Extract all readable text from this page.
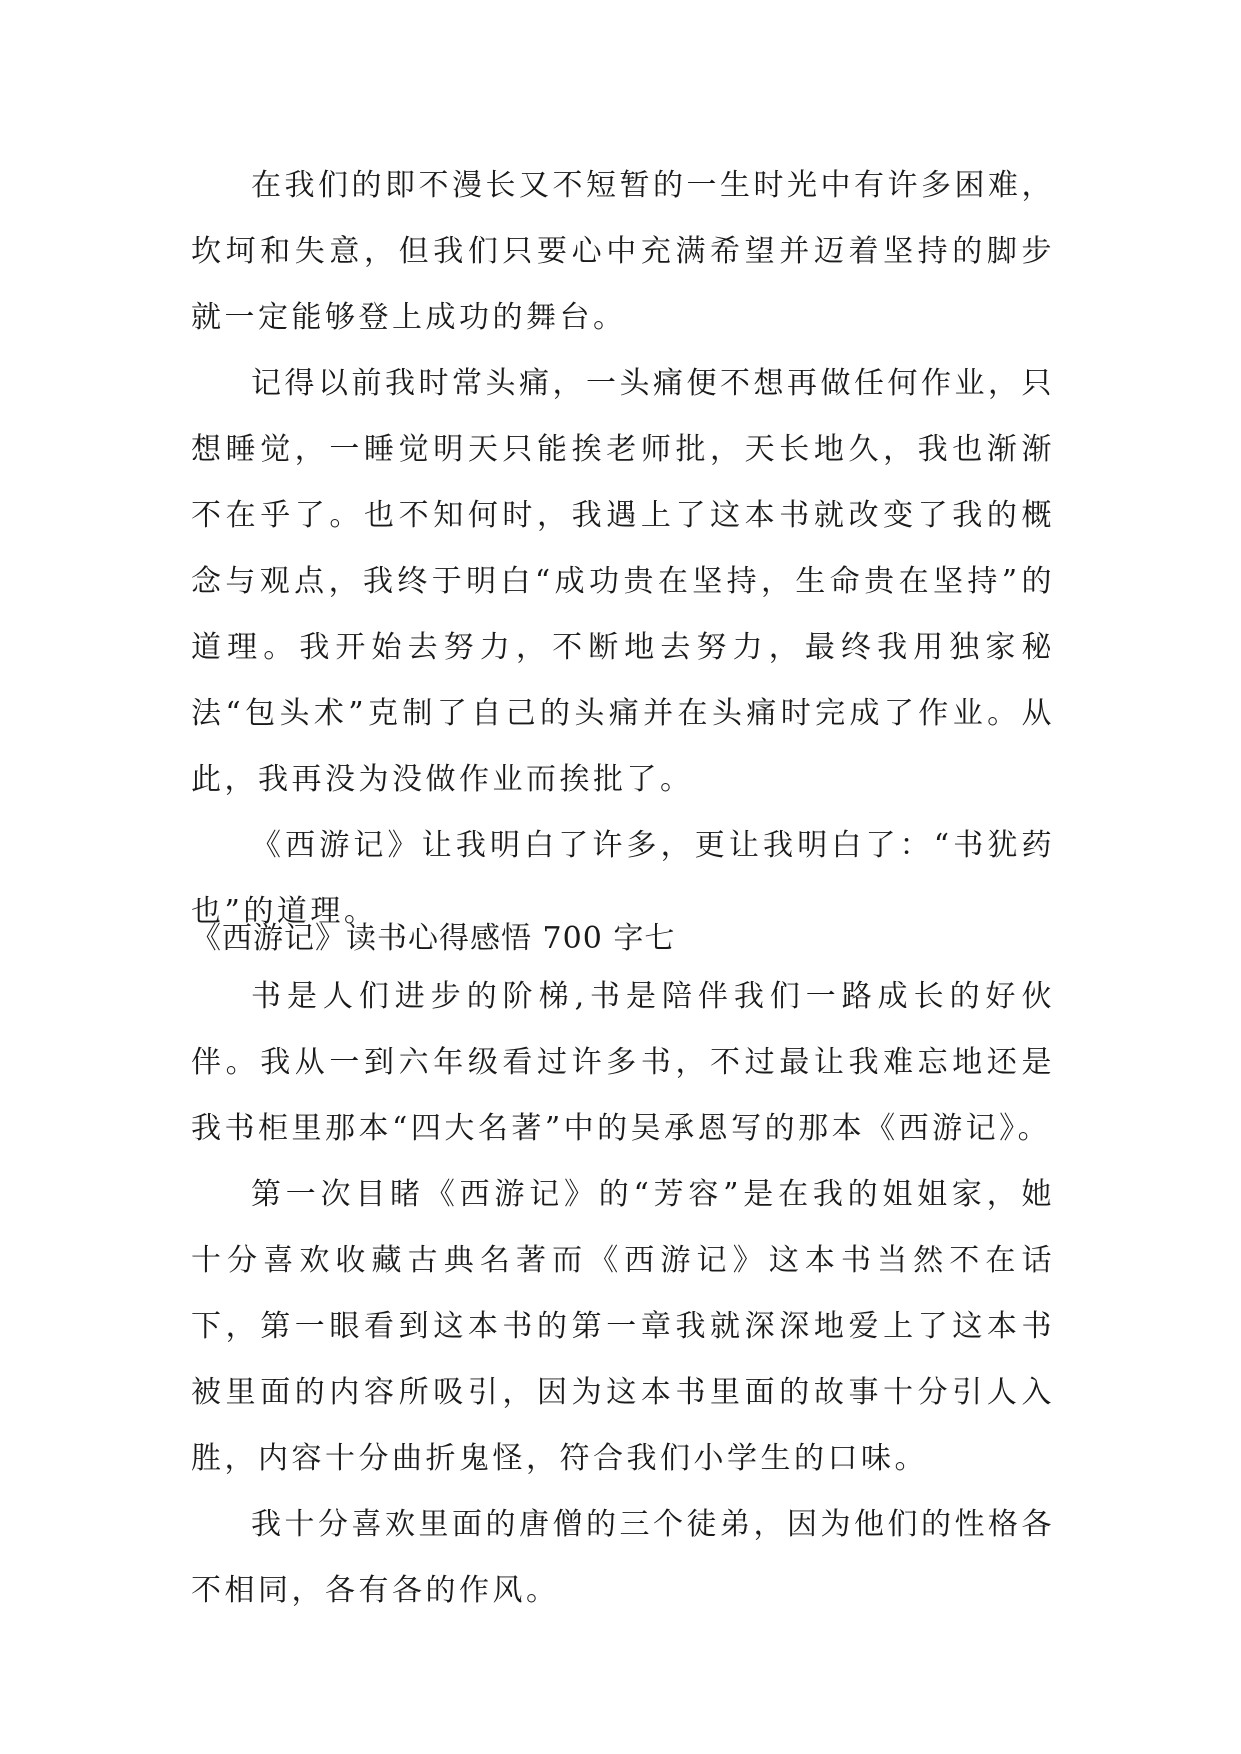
在我们的即不漫长又不短暂的一生时光中有许多困难，坎坷和失意，但我们只要心中充满希望并迈着坚持的脚步就一定能够登上成功的舞台。

记得以前我时常头痛，一头痛便不想再做任何作业，只想睡觉，一睡觉明天只能挨老师批，天长地久，我也渐渐不在乎了。也不知何时，我遇上了这本书就改变了我的概念与观点，我终于明白“成功贵在坚持，生命贵在坚持”的道理。我开始去努力，不断地去努力，最终我用独家秘法“包头术”克制了自己的头痛并在头痛时完成了作业。从此，我再没为没做作业而挨批了。

《西游记》让我明白了许多，更让我明白了：“书犹药也”的道理。

《西游记》读书心得感悟 700 字七

书是人们进步的阶梯,书是陪伴我们一路成长的好伙伴。我从一到六年级看过许多书，不过最让我难忘地还是我书柜里那本“四大名著”中的吴承恩写的那本《西游记》。

第一次目睹《西游记》的“芳容”是在我的姐姐家，她十分喜欢收藏古典名著而《西游记》这本书当然不在话下，第一眼看到这本书的第一章我就深深地爱上了这本书被里面的内容所吸引，因为这本书里面的故事十分引人入胜，内容十分曲折鬼怪，符合我们小学生的口味。

我十分喜欢里面的唐僧的三个徒弟，因为他们的性格各不相同，各有各的作风。
